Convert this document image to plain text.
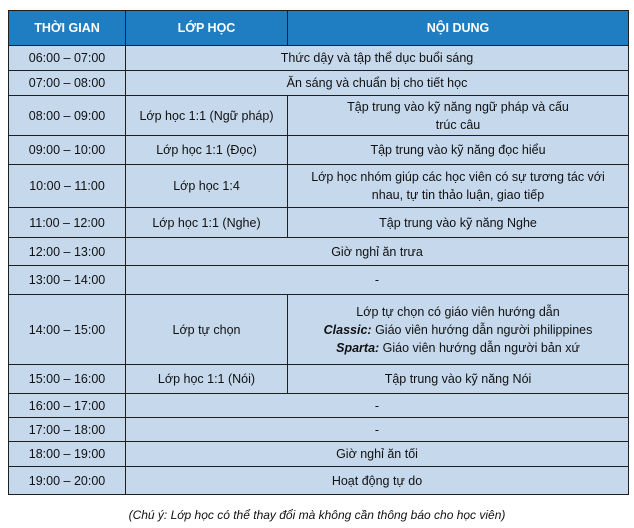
THỜI GIAN	LỚP HỌC	NỘI DUNG
06:00 – 07:00	Thức dậy và tập thể dục buổi sáng	
07:00 – 08:00	Ăn sáng và chuẩn bị cho tiết học	
08:00 – 09:00	Lớp học 1:1 (Ngữ pháp)	Tập trung vào kỹ năng ngữ pháp và cấu
trúc câu
09:00 – 10:00	Lớp học 1:1 (Đọc)	Tập trung vào kỹ năng đọc hiểu
10:00 – 11:00	Lớp học 1:4	Lớp học nhóm giúp các học viên có sự tương tác với
nhau, tự tin thảo luận, giao tiếp
11:00 – 12:00	Lớp học 1:1 (Nghe)	Tập trung vào kỹ năng Nghe
12:00 – 13:00	Giờ nghỉ ăn trưa	
13:00 – 14:00	-	
14:00 – 15:00	Lớp tự chọn	Lớp tự chọn có giáo viên hướng dẫn
Classic: Giáo viên hướng dẫn người philippines
Sparta: Giáo viên hướng dẫn người bản xứ
15:00 – 16:00	Lớp học 1:1 (Nói)	Tập trung vào kỹ năng Nói
16:00 – 17:00	-	
17:00 – 18:00	-	
18:00 – 19:00	Giờ nghỉ ăn tối	
19:00 – 20:00	Hoạt động tự do	
(Chú ý: Lớp học có thể thay đổi mà không cần thông báo cho học viên)
